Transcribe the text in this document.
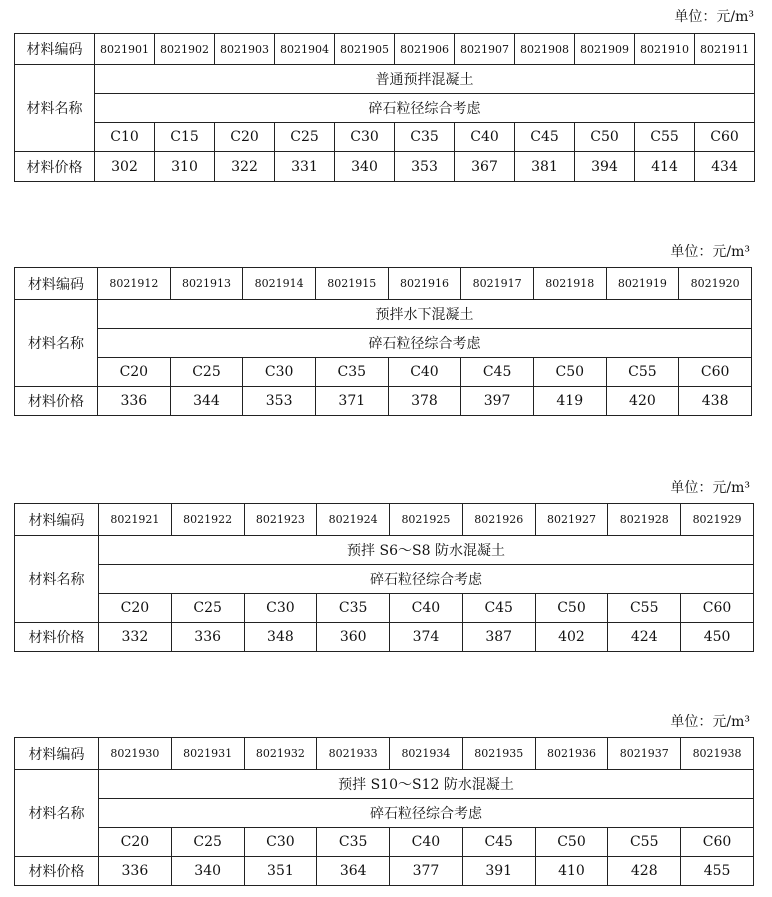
单位：元/m³
材料编码	8021901	8021902	8021903	8021904	8021905	8021906	8021907	8021908	8021909	8021910	8021911
材料名称	普通预拌混凝土										
	碎石粒径综合考虑										
	C10	C15	C20	C25	C30	C35	C40	C45	C50	C55	C60
材料价格	302	310	322	331	340	353	367	381	394	414	434
单位：元/m³
材料编码	8021912	8021913	8021914	8021915	8021916	8021917	8021918	8021919	8021920
材料名称	预拌水下混凝土								
	碎石粒径综合考虑								
	C20	C25	C30	C35	C40	C45	C50	C55	C60
材料价格	336	344	353	371	378	397	419	420	438
单位：元/m³
材料编码	8021921	8021922	8021923	8021924	8021925	8021926	8021927	8021928	8021929
材料名称	预拌 S6～S8 防水混凝土								
	碎石粒径综合考虑								
	C20	C25	C30	C35	C40	C45	C50	C55	C60
材料价格	332	336	348	360	374	387	402	424	450
单位：元/m³
材料编码	8021930	8021931	8021932	8021933	8021934	8021935	8021936	8021937	8021938
材料名称	预拌 S10～S12 防水混凝土								
	碎石粒径综合考虑								
	C20	C25	C30	C35	C40	C45	C50	C55	C60
材料价格	336	340	351	364	377	391	410	428	455
